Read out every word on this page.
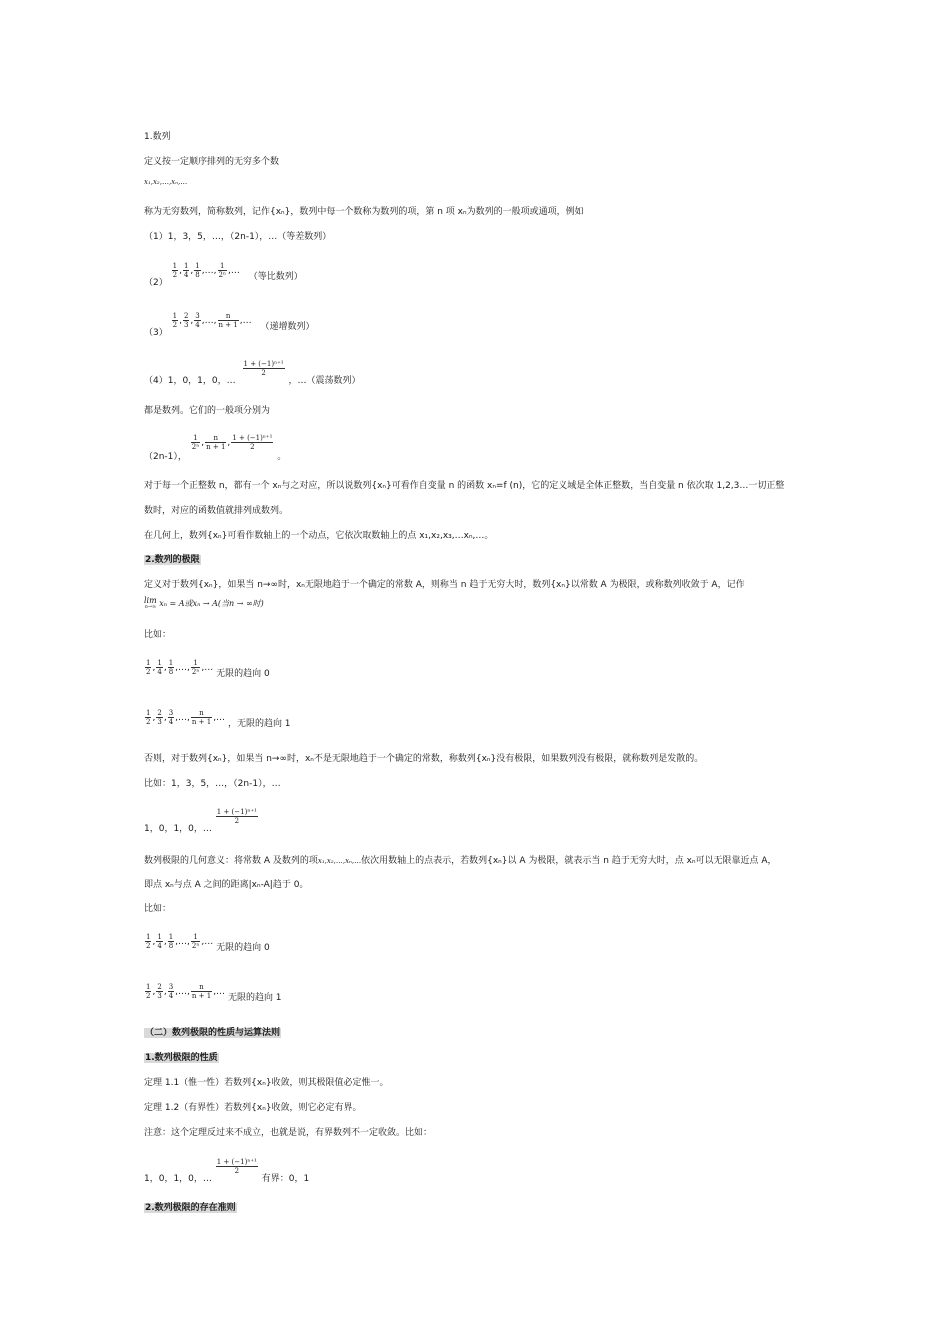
1.数列
定义按一定顺序排列的无穷多个数
x₁,x₂,…,xₙ,…
称为无穷数列，简称数列，记作{xₙ}，数列中每一个数称为数列的项，第 n 项 xₙ为数列的一般项或通项，例如
（1）1，3，5，…，（2n-1），…（等差数列）
（2）
$\frac{1}{2}$ , $\frac{1}{4}$ , $\frac{1}{8}$ ,…, $\frac{1}{\text{2ⁿ}}$ ,… （等比数列）
（3）
$\frac{1}{2}$ , $\frac{2}{3}$ , $\frac{3}{4}$ ,…, $\frac{n}{n + 1}$ ,… （递增数列）
（4）1，0，1，0，…
$\frac{\text{1 + (−1)ⁿ⁺¹}}{2}$
，…（震荡数列）
都是数列。它们的一般项分别为
（2n-1），
$\frac{1}{\text{2ⁿ}}$ , $\frac{n}{n + 1}$ , $\frac{\text{1 + (−1)ⁿ⁺¹}}{2}$
。
对于每一个正整数 n，都有一个 xₙ与之对应，所以说数列{xₙ}可看作自变量 n 的函数 xₙ=f (n)，它的定义域是全体正整数，当自变量 n 依次取 1,2,3…一切正整
数时，对应的函数值就排列成数列。
在几何上，数列{xₙ}可看作数轴上的一个动点，它依次取数轴上的点 x₁,x₂,x₃,…xₙ,…。
2.数列的极限
定义对于数列{xₙ}，如果当 n→∞时，xₙ无限地趋于一个确定的常数 A，则称当 n 趋于无穷大时，数列{xₙ}以常数 A 为极限，或称数列收敛于 A，记作
lim
n→∞ xₙ = A或xₙ → A(当n → ∞时)
比如：
$\frac{1}{2}$ , $\frac{1}{4}$ , $\frac{1}{8}$ ,…, $\frac{1}{\text{2ⁿ}}$ ,… 无限的趋向 0
$\frac{1}{2}$ , $\frac{2}{3}$ , $\frac{3}{4}$ ,…, $\frac{n}{n + 1}$ ,… ，无限的趋向 1
否则，对于数列{xₙ}，如果当 n→∞时，xₙ不是无限地趋于一个确定的常数，称数列{xₙ}没有极限，如果数列没有极限，就称数列是发散的。
比如：1，3，5，…，（2n-1），…
1，0，1，0，…
$\frac{\text{1 + (−1)ⁿ⁺¹}}{2}$
数列极限的几何意义：将常数 A 及数列的项x₁,x₂,…,xₙ,…依次用数轴上的点表示，若数列{xₙ}以 A 为极限，就表示当 n 趋于无穷大时，点 xₙ可以无限靠近点 A，
即点 xₙ与点 A 之间的距离|xₙ-A|趋于 0。
比如：
$\frac{1}{2}$ , $\frac{1}{4}$ , $\frac{1}{8}$ ,…, $\frac{1}{\text{2ⁿ}}$ ,… 无限的趋向 0
$\frac{1}{2}$ , $\frac{2}{3}$ , $\frac{3}{4}$ ,…, $\frac{n}{n + 1}$ ,… 无限的趋向 1
（二）数列极限的性质与运算法则
1.数列极限的性质
定理 1.1（惟一性）若数列{xₙ}收敛，则其极限值必定惟一。
定理 1.2（有界性）若数列{xₙ}收敛，则它必定有界。
注意：这个定理反过来不成立，也就是说，有界数列不一定收敛。比如：
1，0，1，0，…
$\frac{\text{1 + (−1)ⁿ⁺¹}}{2}$
有界：0，1
2.数列极限的存在准则
